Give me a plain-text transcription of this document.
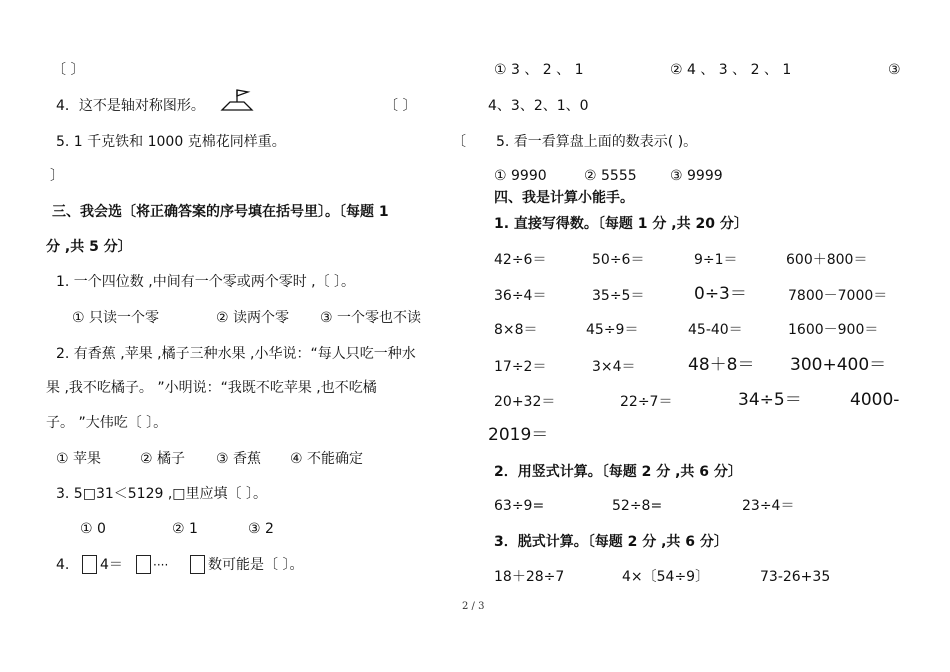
〔 〕
4．这不是轴对称图形。	〔 〕
5. 1 千克铁和 1000 克棉花同样重。	〔
〕
三、我会选〔将正确答案的序号填在括号里〕。〔每题 1
分 ,共 5 分〕
1. 一个四位数 ,中间有一个零或两个零时 ,〔 〕。
① 只读一个零	② 读两个零 ③ 一个零也不读
2. 有香蕉 ,苹果 ,橘子三种水果 ,小华说：“每人只吃一种水
果 ,我不吃橘子。 ”小明说：“我既不吃苹果 ,也不吃橘
子。 ”大伟吃〔 〕。
① 苹果	② 橘子 ③ 香蕉 ④ 不能确定
3. 5□31＜5129 ,□里应填〔 〕。
① 0	② 1	③ 2
4. 4＝	····	数可能是〔 〕。
① 3 、 2 、 1	② 4 、 3 、 2 、 1	③
4、3、2、1、0
5. 看一看算盘上面的数表示( )。
① 9990	② 5555 ③ 9999
四、我是计算小能手。
1. 直接写得数。〔每题 1 分 ,共 20 分〕
42÷6＝	50÷6＝	9÷1＝	600＋800＝
36÷4＝	35÷5＝	0÷3＝	7800－7000＝
8×8＝	45÷9＝	45-40＝	1600－900＝
17÷2＝	3×4＝	48＋8＝ 300+400＝
20+32＝	22÷7＝	34÷5＝	4000-
2019＝
2．用竖式计算。〔每题 2 分 ,共 6 分〕
63÷9=	52÷8=	23÷4＝
3．脱式计算。〔每题 2 分 ,共 6 分〕
18＋28÷7	4×〔54÷9〕	73-26+35
2 / 3
